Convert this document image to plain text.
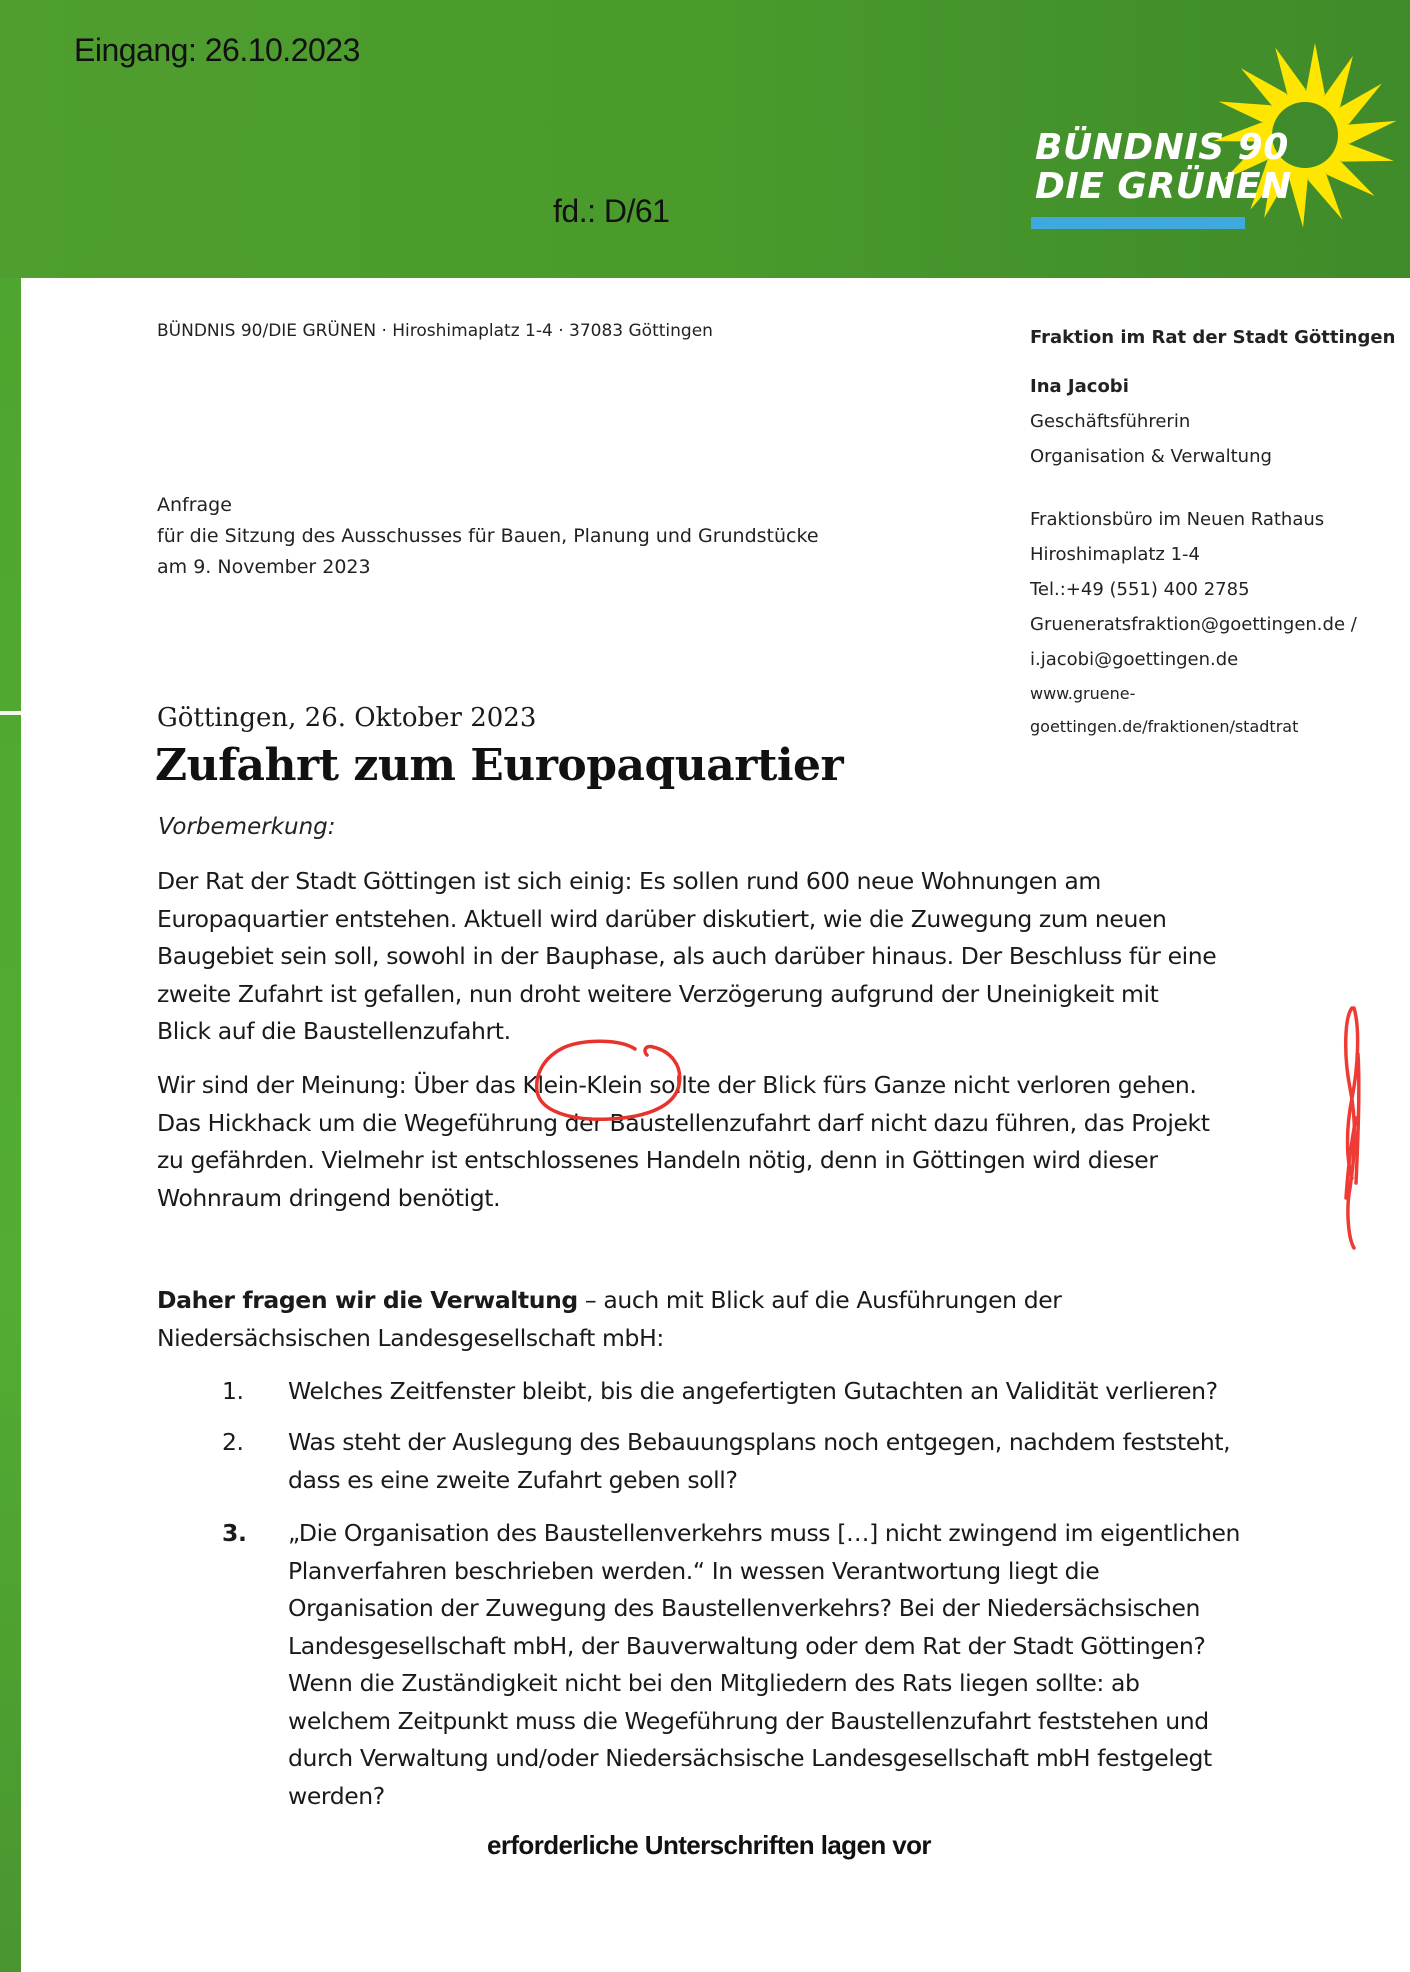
Eingang: 26.10.2023
fd.: D/61
BÜNDNIS 90
DIE GRÜNEN
BÜNDNIS 90/DIE GRÜNEN · Hiroshimaplatz 1-4 · 37083 Göttingen
Anfrage
für die Sitzung des Ausschusses für Bauen, Planung und Grundstücke
am 9. November 2023
Fraktion im Rat der Stadt Göttingen
Ina Jacobi
Geschäftsführerin
Organisation & Verwaltung
Fraktionsbüro im Neuen Rathaus
Hiroshimaplatz 1-4
Tel.:+49 (551) 400 2785
Grueneratsfraktion@goettingen.de /
i.jacobi@goettingen.de
www.gruene-
goettingen.de/fraktionen/stadtrat
Göttingen, 26. Oktober 2023
Zufahrt zum Europaquartier
Vorbemerkung:
Der Rat der Stadt Göttingen ist sich einig: Es sollen rund 600 neue Wohnungen am
Europaquartier entstehen. Aktuell wird darüber diskutiert, wie die Zuwegung zum neuen
Baugebiet sein soll, sowohl in der Bauphase, als auch darüber hinaus. Der Beschluss für eine
zweite Zufahrt ist gefallen, nun droht weitere Verzögerung aufgrund der Uneinigkeit mit
Blick auf die Baustellenzufahrt.
Wir sind der Meinung: Über das Klein-Klein sollte der Blick fürs Ganze nicht verloren gehen.
Das Hickhack um die Wegeführung der Baustellenzufahrt darf nicht dazu führen, das Projekt
zu gefährden. Vielmehr ist entschlossenes Handeln nötig, denn in Göttingen wird dieser
Wohnraum dringend benötigt.
Daher fragen wir die Verwaltung – auch mit Blick auf die Ausführungen der
Niedersächsischen Landesgesellschaft mbH:
1. Welches Zeitfenster bleibt, bis die angefertigten Gutachten an Validität verlieren?
2. Was steht der Auslegung des Bebauungsplans noch entgegen, nachdem feststeht,
dass es eine zweite Zufahrt geben soll?
3. „Die Organisation des Baustellenverkehrs muss […] nicht zwingend im eigentlichen
Planverfahren beschrieben werden.“ In wessen Verantwortung liegt die
Organisation der Zuwegung des Baustellenverkehrs? Bei der Niedersächsischen
Landesgesellschaft mbH, der Bauverwaltung oder dem Rat der Stadt Göttingen?
Wenn die Zuständigkeit nicht bei den Mitgliedern des Rats liegen sollte: ab
welchem Zeitpunkt muss die Wegeführung der Baustellenzufahrt feststehen und
durch Verwaltung und/oder Niedersächsische Landesgesellschaft mbH festgelegt
werden?
erforderliche Unterschriften lagen vor
